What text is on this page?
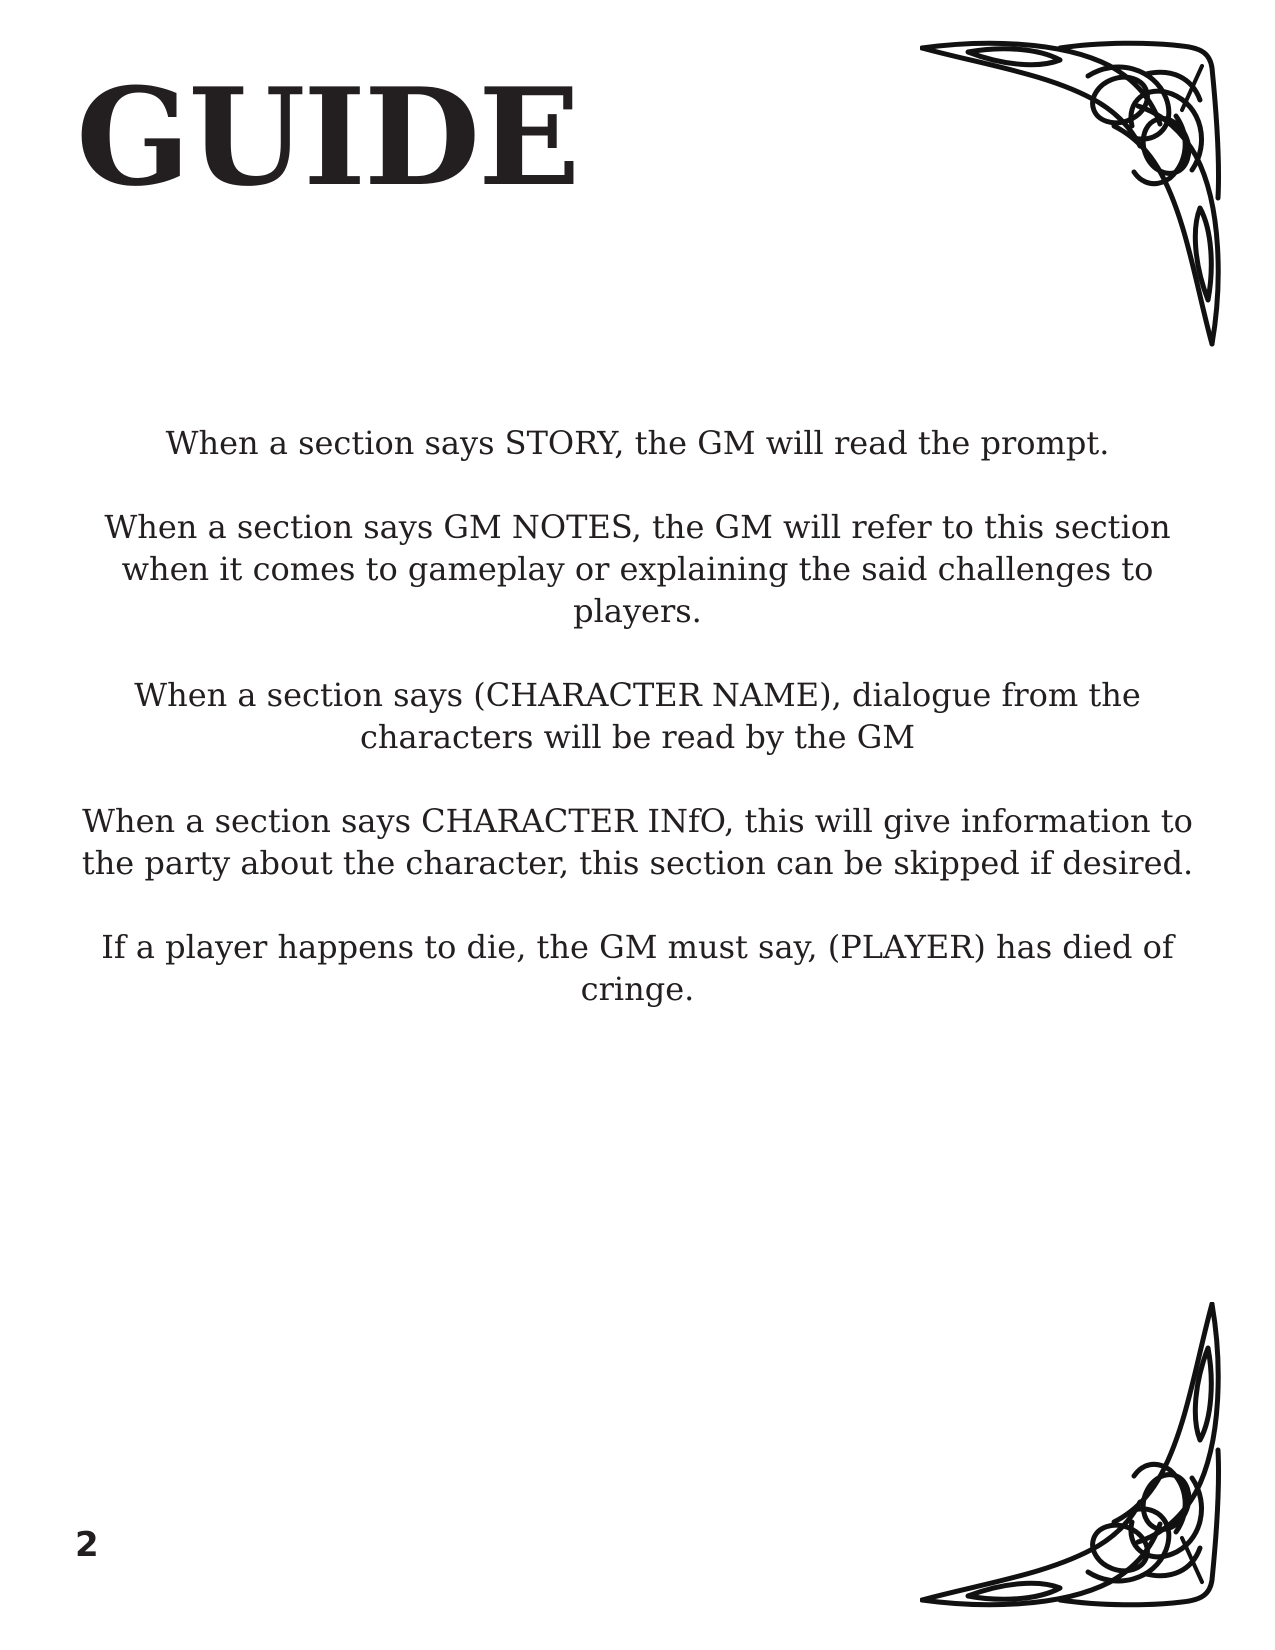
GUIDE

When a section says STORY, the GM will read the prompt.

When a section says GM NOTES, the GM will refer to this section when it comes to gameplay or explaining the said challenges to players.

When a section says (CHARACTER NAME), dialogue from the characters will be read by the GM

When a section says CHARACTER INfO, this will give information to the party about the character, this section can be skipped if desired.

If a player happens to die, the GM must say, (PLAYER) has died of cringe.

2
